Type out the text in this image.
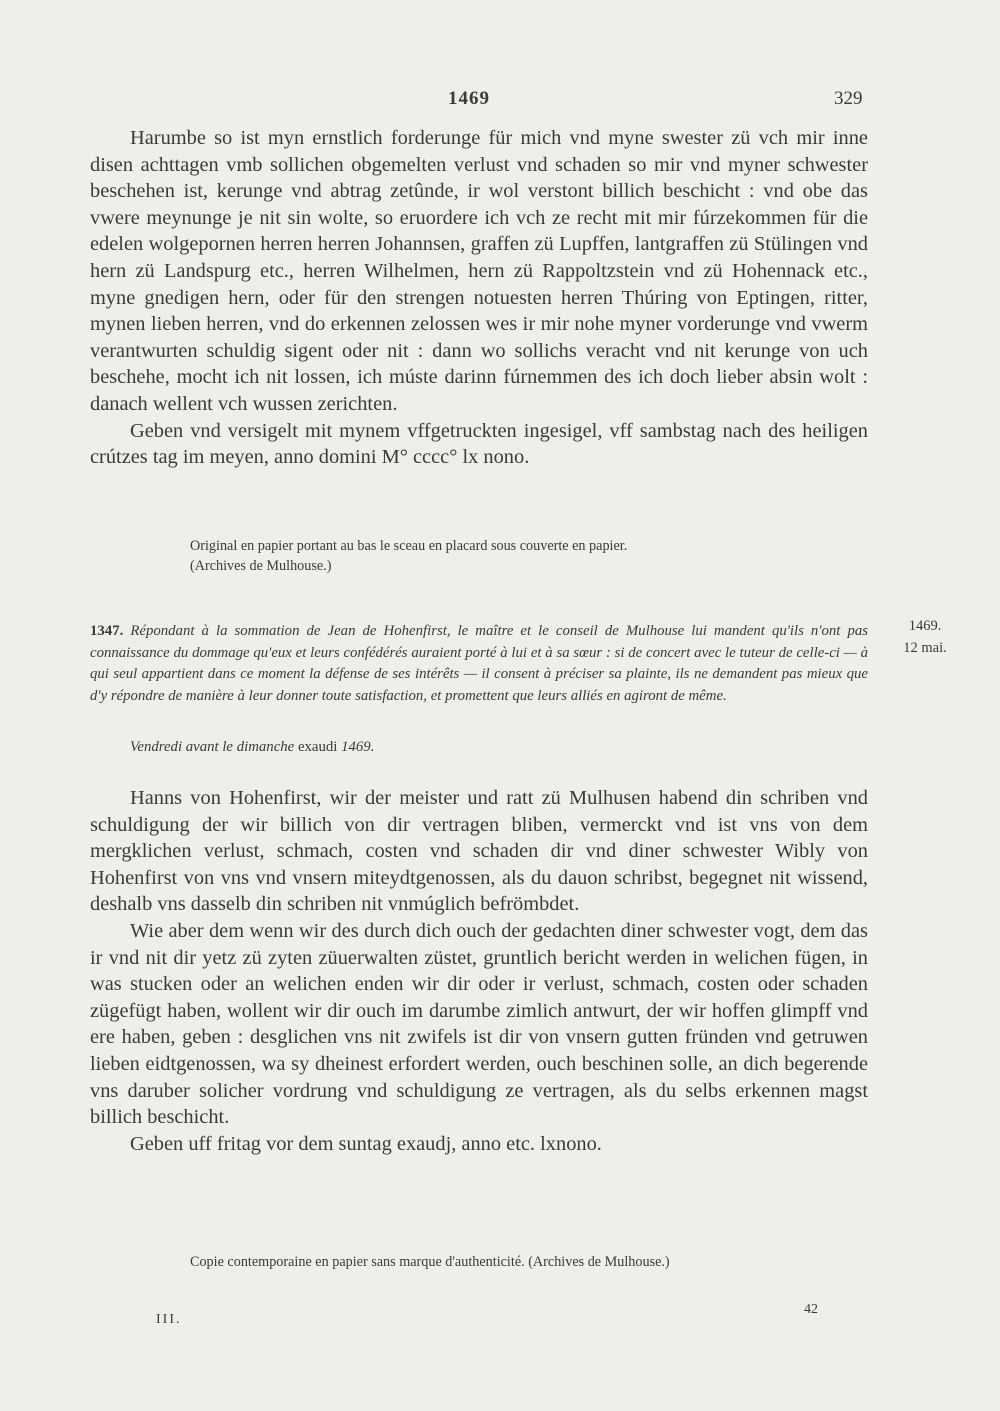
1469	329

Harumbe so ist myn ernstlich forderunge für mich vnd myne swester zü vch mir inne disen achttagen vmb sollichen obgemelten verlust vnd schaden so mir vnd myner schwester beschehen ist, kerunge vnd abtrag zetûnde, ir wol verstont billich beschicht : vnd obe das vwere meynunge je nit sin wolte, so eruordere ich vch ze recht mit mir fúrzekommen für die edelen wolgepornen herren herren Johannsen, graffen zü Lupffen, lantgraffen zü Stülingen vnd hern zü Landspurg etc., herren Wilhelmen, hern zü Rappoltzstein vnd zü Hohennack etc., myne gnedigen hern, oder für den strengen notuesten herren Thúring von Eptingen, ritter, mynen lieben herren, vnd do erkennen zelossen wes ir mir nohe myner vorderunge vnd vwerm verantwurten schuldig sigent oder nit : dann wo sollichs veracht vnd nit kerunge von uch beschehe, mocht ich nit lossen, ich múste darinn fúrnemmen des ich doch lieber absin wolt : danach wellent vch wussen zerichten.

Geben vnd versigelt mit mynem vffgetruckten ingesigel, vff sambstag nach des heiligen crútzes tag im meyen, anno domini M° cccc° lx nono.

Original en papier portant au bas le sceau en placard sous couverte en papier.
(Archives de Mulhouse.)
1347. Répondant à la sommation de Jean de Hohenfirst, le maître et le conseil de Mulhouse lui mandent qu'ils n'ont pas connaissance du dommage qu'eux et leurs confédérés auraient porté à lui et à sa sœur : si de concert avec le tuteur de celle-ci — à qui seul appartient dans ce moment la défense de ses intérêts — il consent à préciser sa plainte, ils ne demandent pas mieux que d'y répondre de manière à leur donner toute satisfaction, et promettent que leurs alliés en agiront de même.
Vendredi avant le dimanche exaudi 1469.
1469.
12 mai.

Hanns von Hohenfirst, wir der meister und ratt zü Mulhusen habend din schriben vnd schuldigung der wir billich von dir vertragen bliben, vermerckt vnd ist vns von dem mergklichen verlust, schmach, costen vnd schaden dir vnd diner schwester Wibly von Hohenfirst von vns vnd vnsern miteydtgenossen, als du dauon schribst, begegnet nit wissend, deshalb vns dasselb din schriben nit vnmúglich befrömbdet.

Wie aber dem wenn wir des durch dich ouch der gedachten diner schwester vogt, dem das ir vnd nit dir yetz zü zyten züuerwalten züstet, gruntlich bericht werden in welichen fügen, in was stucken oder an welichen enden wir dir oder ir verlust, schmach, costen oder schaden zügefügt haben, wollent wir dir ouch im darumbe zimlich antwurt, der wir hoffen glimpff vnd ere haben, geben : desglichen vns nit zwifels ist dir von vnsern gutten fründen vnd getruwen lieben eidtgenossen, wa sy dheinest erfordert werden, ouch beschinen solle, an dich begerende vns daruber solicher vordrung vnd schuldigung ze vertragen, als du selbs erkennen magst billich beschicht.

Geben uff fritag vor dem suntag exaudj, anno etc. lxnono.

Copie contemporaine en papier sans marque d'authenticité. (Archives de Mulhouse.)
III.
42
